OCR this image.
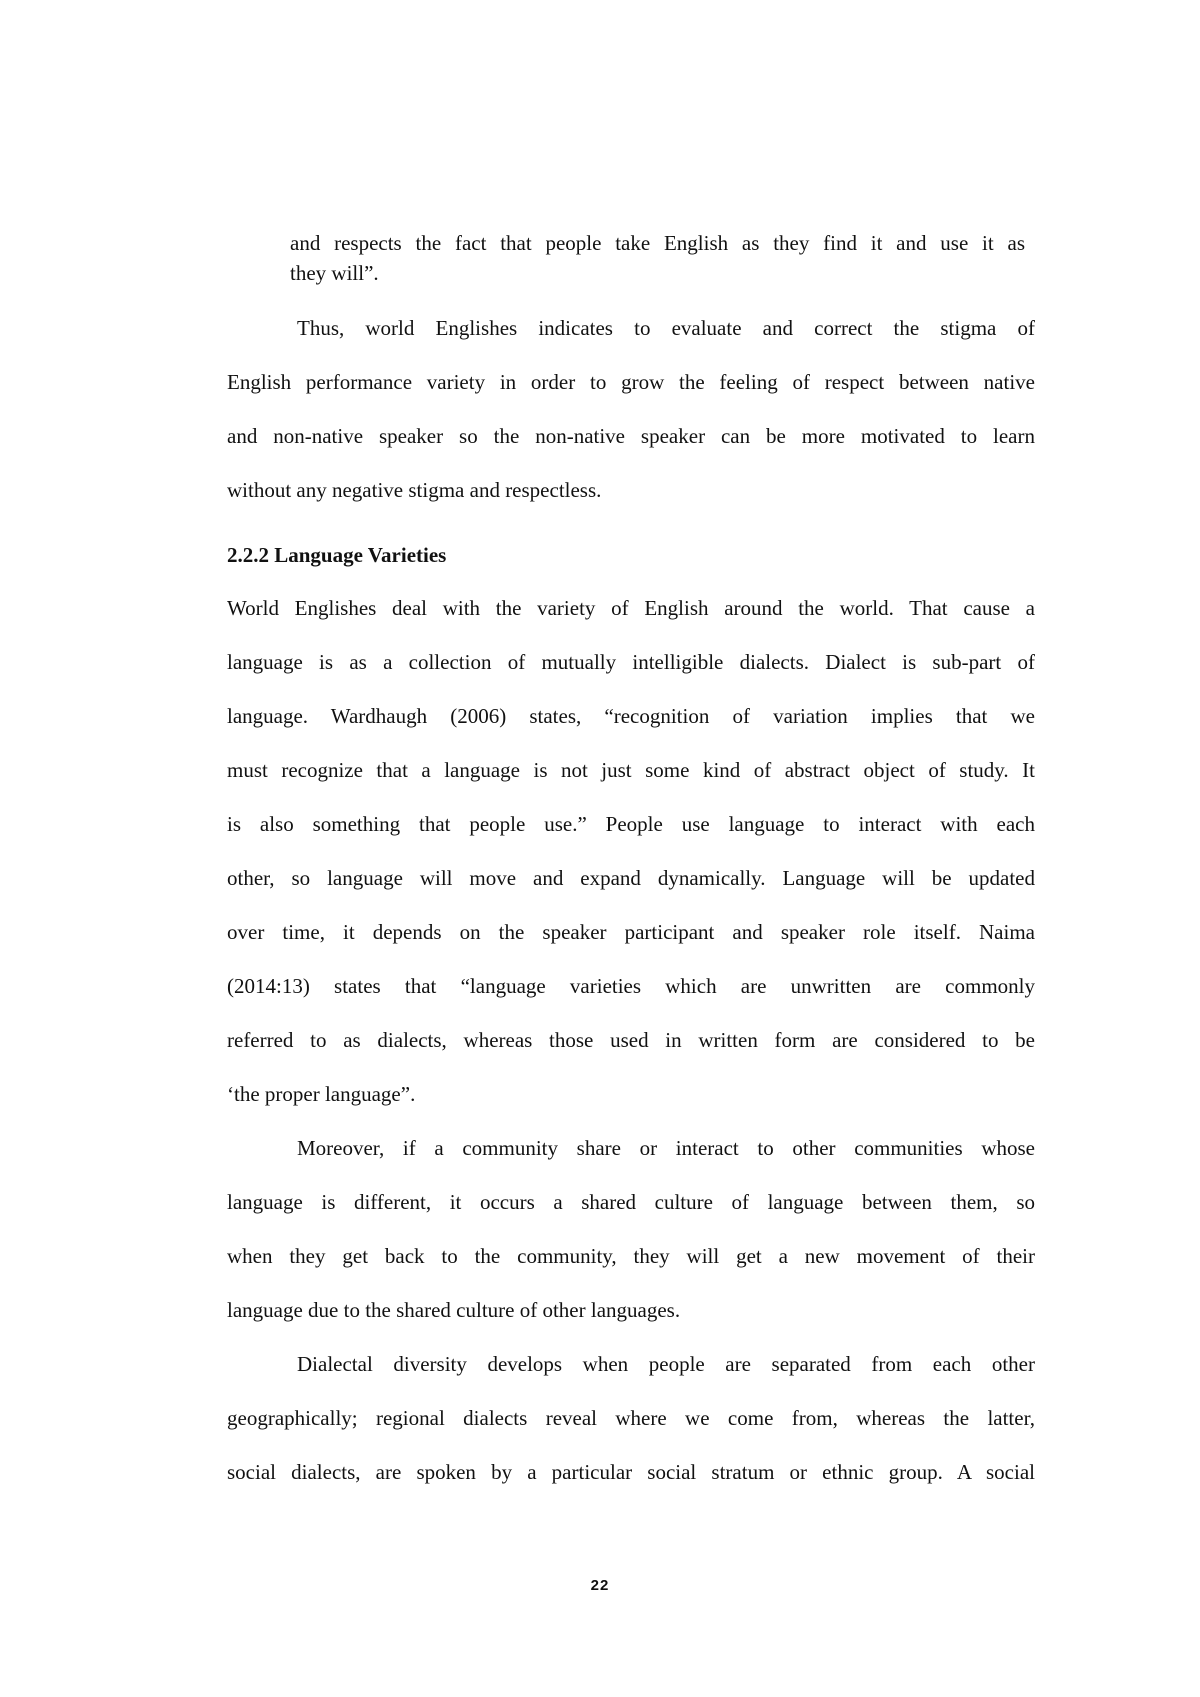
and respects the fact that people take English as they find it and use it as
they will”.
Thus, world Englishes indicates to evaluate and correct the stigma of
English performance variety in order to grow the feeling of respect between native
and non-native speaker so the non-native speaker can be more motivated to learn
without any negative stigma and respectless.
2.2.2 Language Varieties
World Englishes deal with the variety of English around the world. That cause a
language is as a collection of mutually intelligible dialects. Dialect is sub-part of
language. Wardhaugh (2006) states, “recognition of variation implies that we
must recognize that a language is not just some kind of abstract object of study. It
is also something that people use.” People use language to interact with each
other, so language will move and expand dynamically. Language will be updated
over time, it depends on the speaker participant and speaker role itself. Naima
(2014:13) states that “language varieties which are unwritten are commonly
referred to as dialects, whereas those used in written form are considered to be
‘the proper language”.
Moreover, if a community share or interact to other communities whose
language is different, it occurs a shared culture of language between them, so
when they get back to the community, they will get a new movement of their
language due to the shared culture of other languages.
Dialectal diversity develops when people are separated from each other
geographically; regional dialects reveal where we come from, whereas the latter,
social dialects, are spoken by a particular social stratum or ethnic group. A social
22
